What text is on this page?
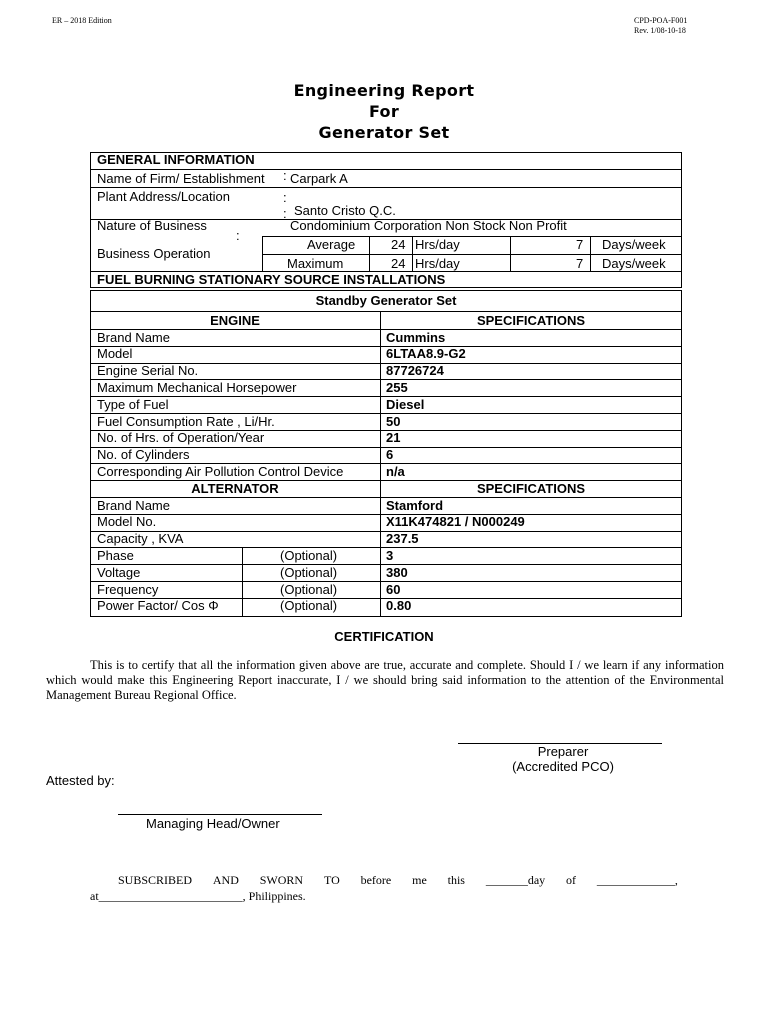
ER – 2018 Edition	CPD-POA-F001
Rev. 1/08-10-18
Engineering Report
For
Generator Set
GENERAL INFORMATION
Name of Firm/ Establishment : Carpark A
Plant Address/Location	:
: Santo Cristo Q.C.
Nature of Business	Condominium Corporation Non Stock Non Profit
:
Business Operation
Average	24 Hrs/day	7 Days/week
Maximum	24 Hrs/day	7 Days/week
FUEL BURNING STATIONARY SOURCE INSTALLATIONS
Standby Generator Set
ENGINE	SPECIFICATIONS
CERTIFICATION
This is to certify that all the information given above are true, accurate and complete. Should I / we learn if any information which would make this Engineering Report inaccurate, I / we should bring said information to the attention of the Environmental Management Bureau Regional Office.
Preparer
(Accredited PCO)
Attested by:
Managing Head/Owner
SUBSCRIBED AND SWORN TO before me this _______day of _____________,
at________________________, Philippines.
Brand Name	Cummins
Model	6LTAA8.9-G2
Engine Serial No.	87726724
Maximum Mechanical Horsepower	255
Type of Fuel	Diesel
Fuel Consumption Rate , Li/Hr.	50
No. of Hrs. of Operation/Year	21
No. of Cylinders	6
Corresponding Air Pollution Control Device	n/a
ALTERNATOR	SPECIFICATIONS
Brand Name	Stamford
Model No.	X11K474821 / N000249
Capacity , KVA	237.5
Phase	(Optional)	3
Voltage	(Optional)	380
Frequency	(Optional)	60
Power Factor/ Cos Φ	(Optional)	0.80
